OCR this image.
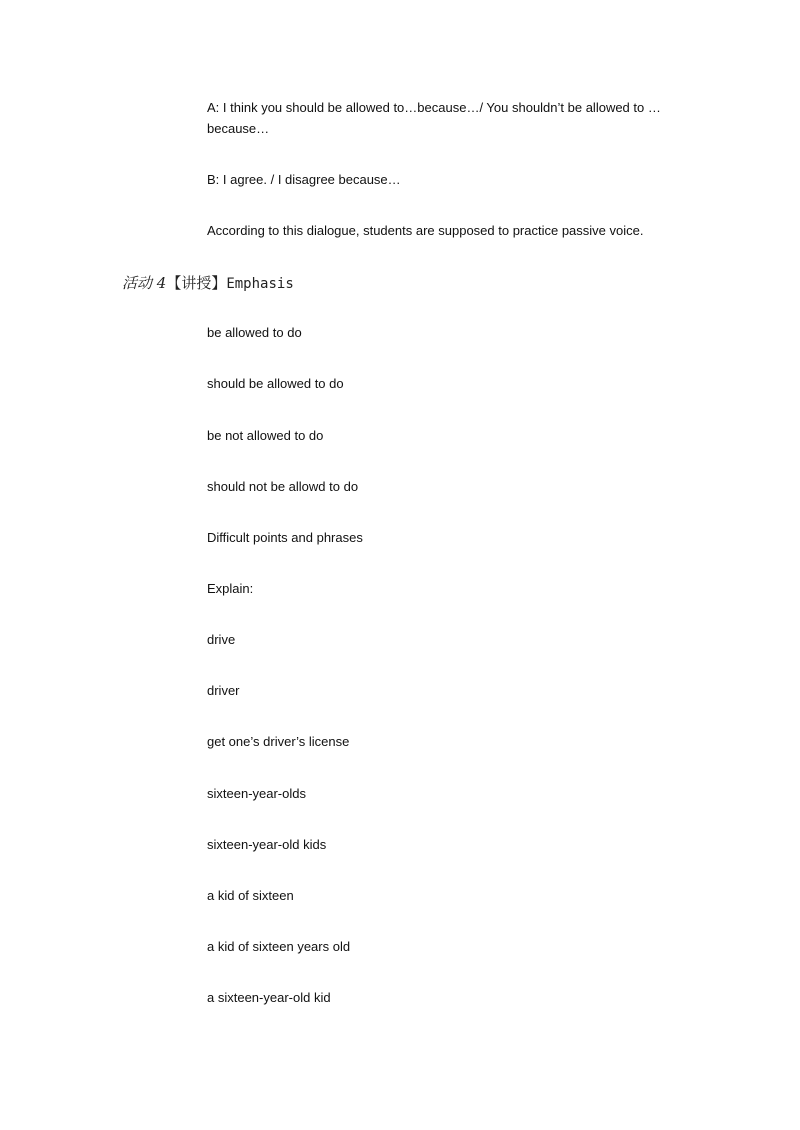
A: I think you should be allowed to…because…/ You shouldn’t be allowed to … because…

B: I agree. / I disagree because…

According to this dialogue, students are supposed to practice passive voice.

活动 4【讲授】Emphasis

be allowed to do

should be allowed to do

be not allowed to do

should not be allowd to do

Difficult points and phrases

Explain:

drive

driver

get one’s driver’s license

sixteen-year-olds

sixteen-year-old kids

a kid of sixteen

a kid of sixteen years old

a sixteen-year-old kid
